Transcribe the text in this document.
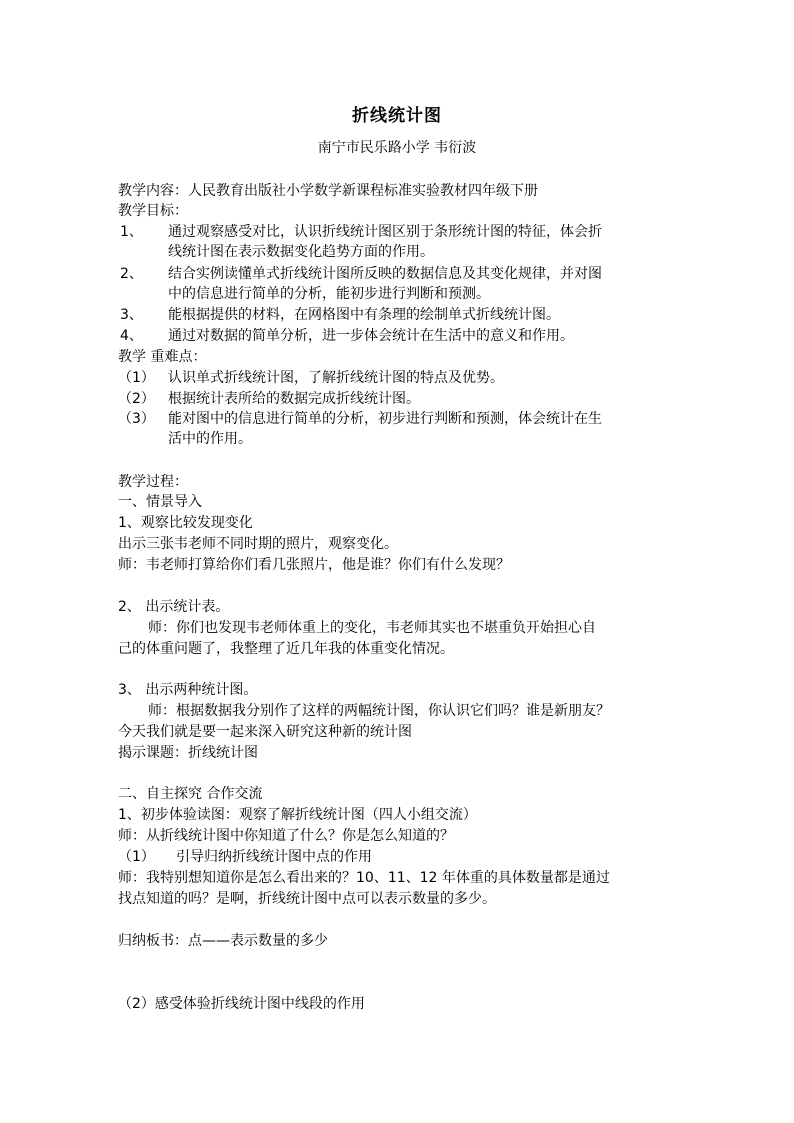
折线统计图
南宁市民乐路小学 韦衍波
教学内容：人民教育出版社小学数学新课程标准实验教材四年级下册
教学目标：
1、 通过观察感受对比，认识折线统计图区别于条形统计图的特征，体会折
线统计图在表示数据变化趋势方面的作用。
2、 结合实例读懂单式折线统计图所反映的数据信息及其变化规律，并对图
中的信息进行简单的分析，能初步进行判断和预测。
3、 能根据提供的材料，在网格图中有条理的绘制单式折线统计图。
4、 通过对数据的简单分析，进一步体会统计在生活中的意义和作用。
教学 重难点：
（1） 认识单式折线统计图，了解折线统计图的特点及优势。
（2） 根据统计表所给的数据完成折线统计图。
（3） 能对图中的信息进行简单的分析，初步进行判断和预测，体会统计在生
活中的作用。
教学过程：
一、情景导入
1、观察比较发现变化
出示三张韦老师不同时期的照片，观察变化。
师：韦老师打算给你们看几张照片，他是谁？你们有什么发现？
2、 出示统计表。
师：你们也发现韦老师体重上的变化，韦老师其实也不堪重负开始担心自
己的体重问题了，我整理了近几年我的体重变化情况。
3、 出示两种统计图。
师：根据数据我分别作了这样的两幅统计图，你认识它们吗？谁是新朋友？
今天我们就是要一起来深入研究这种新的统计图
揭示课题：折线统计图
二、自主探究 合作交流
1、初步体验读图：观察了解折线统计图（四人小组交流）
师：从折线统计图中你知道了什么？你是怎么知道的？
（1） 引导归纳折线统计图中点的作用
师：我特别想知道你是怎么看出来的？10、11、12 年体重的具体数量都是通过
找点知道的吗？是啊，折线统计图中点可以表示数量的多少。
归纳板书：点——表示数量的多少
（2）感受体验折线统计图中线段的作用
